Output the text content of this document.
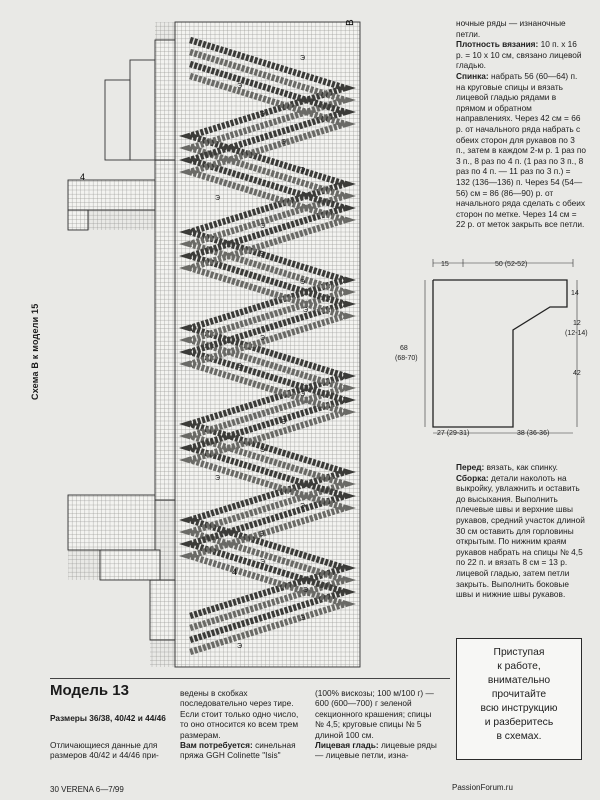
Э
Э
Э
Э
Э
Э
Э
Э
Э
Э
Э
Э
Э
Э
Э
Э
Э
Э
Э
Э
Э
Э
В
4
4
Схема В к модели 15
ночные ряды — изнаночные петли.
Плотность вязания: 10 п. х 16 р. = 10 х 10 см, связано лицевой гладью.
Спинка: набрать 56 (60—64) п. на круговые спицы и вязать лицевой гладью рядами в прямом и обратном направлениях. Через 42 см = 66 р. от начального ряда набрать с обеих сторон для рукавов по 3 п., затем в каждом 2-м р. 1 раз по 3 п., 8 раз по 4 п. (1 раз по 3 п., 8 раз по 4 п. — 11 раз по 3 п.) = 132 (136—136) п. Через 54 (54—56) см = 86 (86—90) р. от начального ряда сделать с обеих сторон по метке. Через 14 см = 22 р. от меток закрыть все петли.
15	50 (52-52)
14
12
(12-14)
42
68
(68-70)
27 (29-31)	38 (36-36)
Перед: вязать, как спинку.
Сборка: детали наколоть на выкройку, увлажнить и оставить до высыхания. Выполнить плечевые швы и верхние швы рукавов, средний участок длиной 30 см оставить для горловины открытым. По нижним краям рукавов набрать на спицы № 4,5 по 22 п. и вязать 8 см = 13 р. лицевой гладью, затем петли закрыть. Выполнить боковые швы и нижние швы рукавов.
Приступая
к работе,
внимательно
прочитайте
всю инструкцию
и разберитесь
в схемах.
Модель 13
Размеры 36/38, 40/42 и 44/46
Отличающиеся данные для размеров 40/42 и 44/46 при-
ведены в скобках последовательно через тире. Если стоит только одно число, то оно относится ко всем трем размерам.
Вам потребуется: синельная пряжа GGH Colinette "Isis"
(100% вискозы; 100 м/100 г) — 600 (600—700) г зеленой секционного крашения; спицы № 4,5; круговые спицы № 5 длиной 100 см.
Лицевая гладь: лицевые ряды — лицевые петли, изна-
30 VERENA 6—7/99	PassionForum.ru
